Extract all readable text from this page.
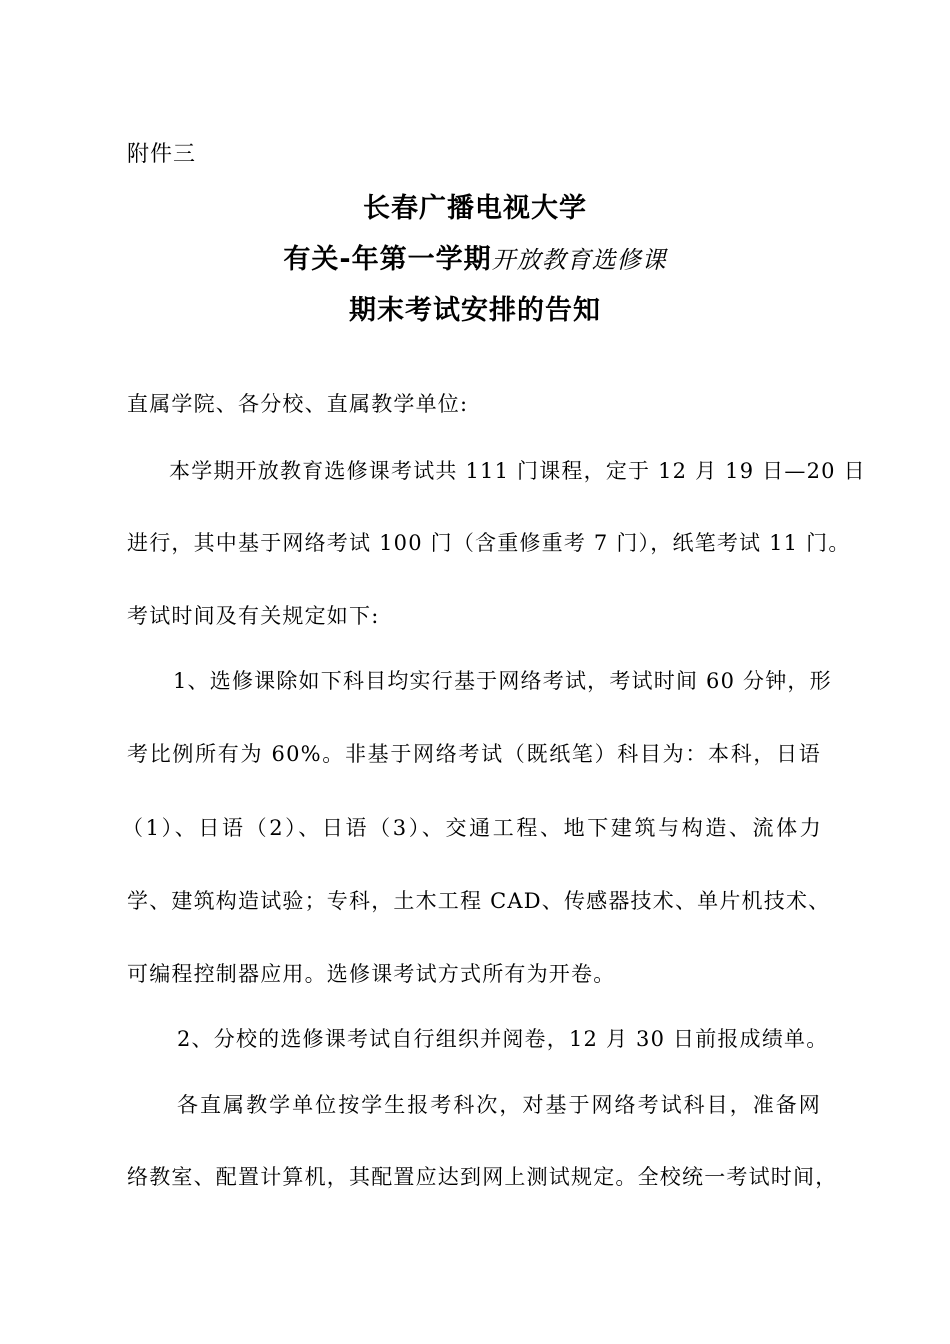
附件三
长春广播电视大学
有关-年第一学期开放教育选修课
期末考试安排的告知
直属学院、各分校、直属教学单位:
本学期开放教育选修课考试共 111 门课程，定于 12 月 19 日—20 日
进行，其中基于网络考试 100 门（含重修重考 7 门），纸笔考试 11 门。
考试时间及有关规定如下:
1、选修课除如下科目均实行基于网络考试，考试时间 60 分钟，形
考比例所有为 60%。非基于网络考试（既纸笔）科目为：本科，日语
（1）、日语（2）、日语（3）、交通工程、地下建筑与构造、流体力
学、建筑构造试验；专科，土木工程 CAD、传感器技术、单片机技术、
可编程控制器应用。选修课考试方式所有为开卷。
2、分校的选修课考试自行组织并阅卷，12 月 30 日前报成绩单。
各直属教学单位按学生报考科次，对基于网络考试科目，准备网
络教室、配置计算机，其配置应达到网上测试规定。全校统一考试时间，
